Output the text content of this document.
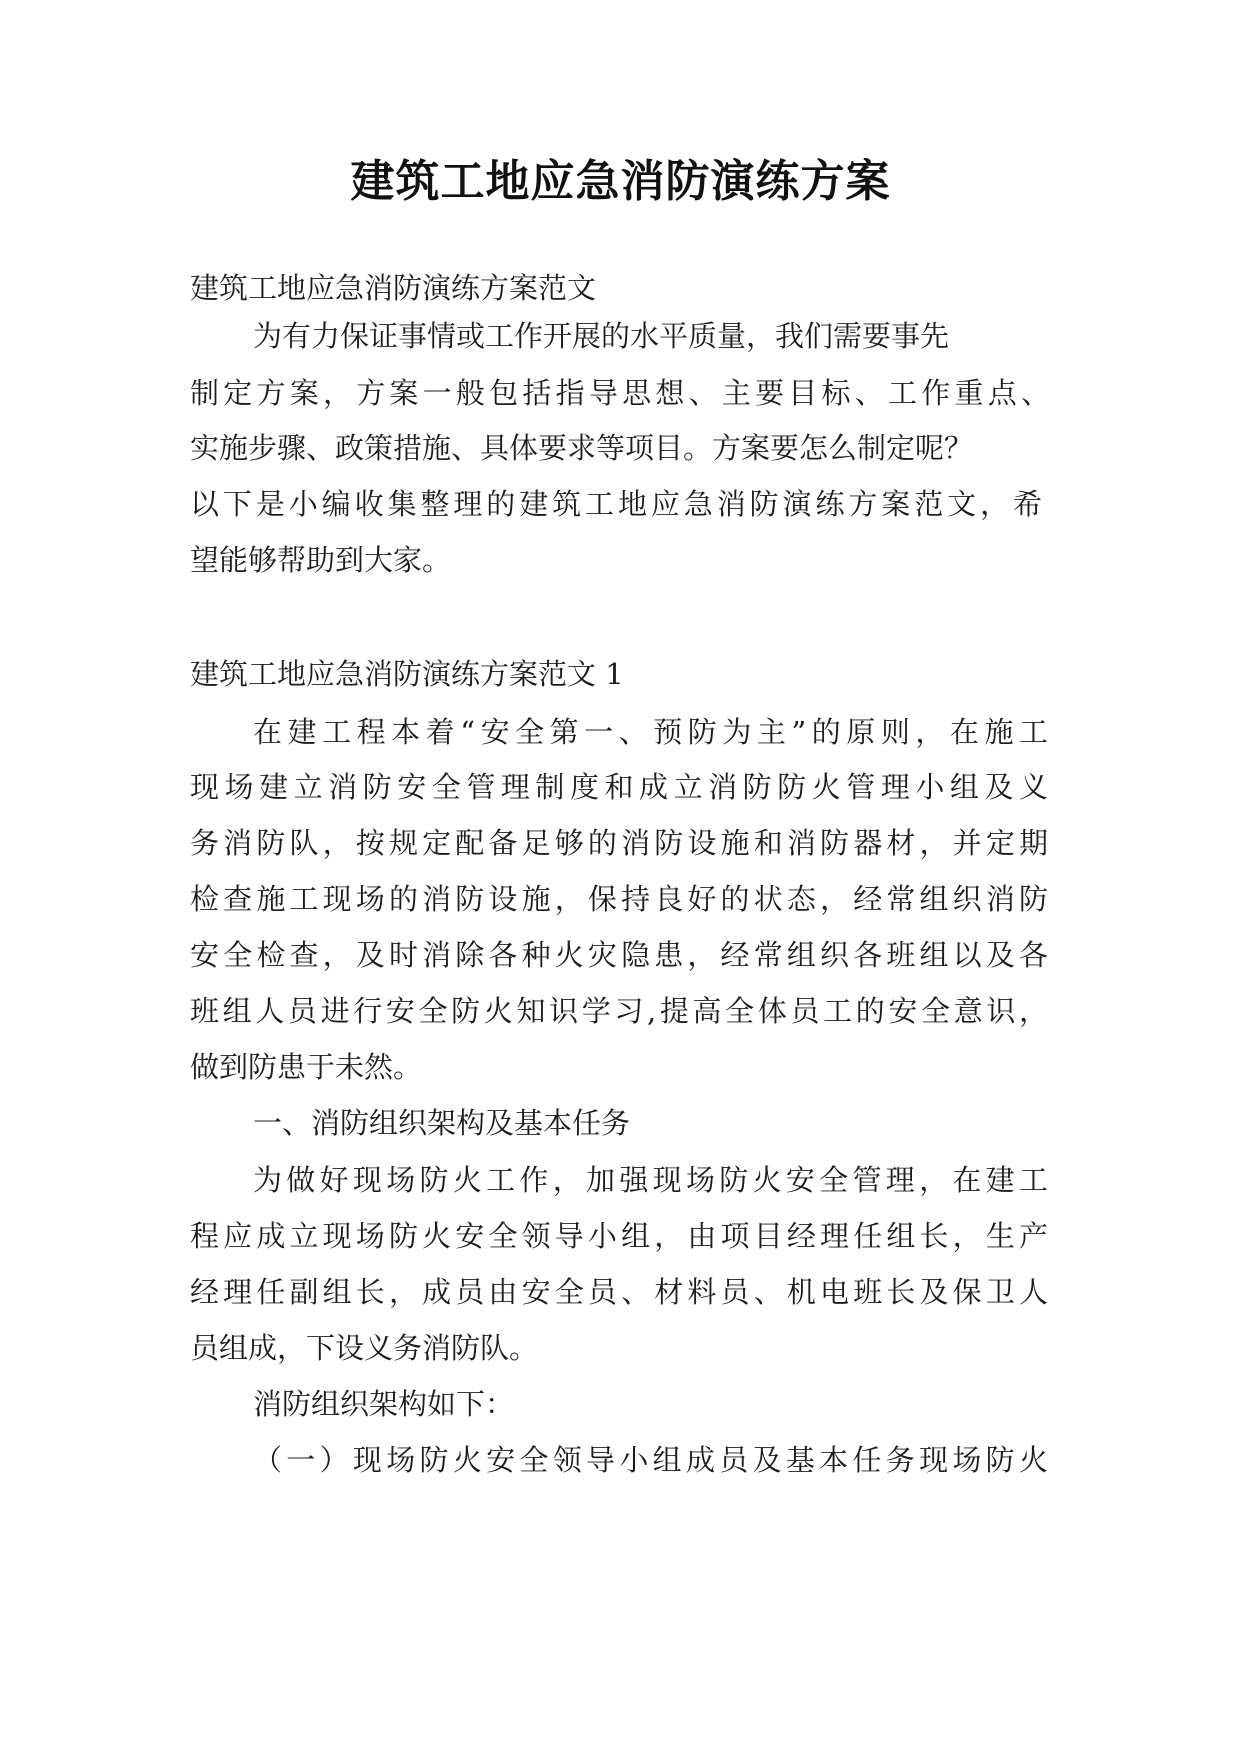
建筑工地应急消防演练方案
建筑工地应急消防演练方案范文
为有力保证事情或工作开展的水平质量，我们需要事先
制定方案，方案一般包括指导思想、主要目标、工作重点、
实施步骤、政策措施、具体要求等项目。方案要怎么制定呢？
以下是小编收集整理的建筑工地应急消防演练方案范文，希
望能够帮助到大家。
建筑工地应急消防演练方案范文 1
在建工程本着“安全第一、预防为主”的原则，在施工
现场建立消防安全管理制度和成立消防防火管理小组及义
务消防队，按规定配备足够的消防设施和消防器材，并定期
检查施工现场的消防设施，保持良好的状态，经常组织消防
安全检查，及时消除各种火灾隐患，经常组织各班组以及各
班组人员进行安全防火知识学习,提高全体员工的安全意识，
做到防患于未然。
一、消防组织架构及基本任务
为做好现场防火工作，加强现场防火安全管理，在建工
程应成立现场防火安全领导小组，由项目经理任组长，生产
经理任副组长，成员由安全员、材料员、机电班长及保卫人
员组成，下设义务消防队。
消防组织架构如下：
（一）现场防火安全领导小组成员及基本任务现场防火
